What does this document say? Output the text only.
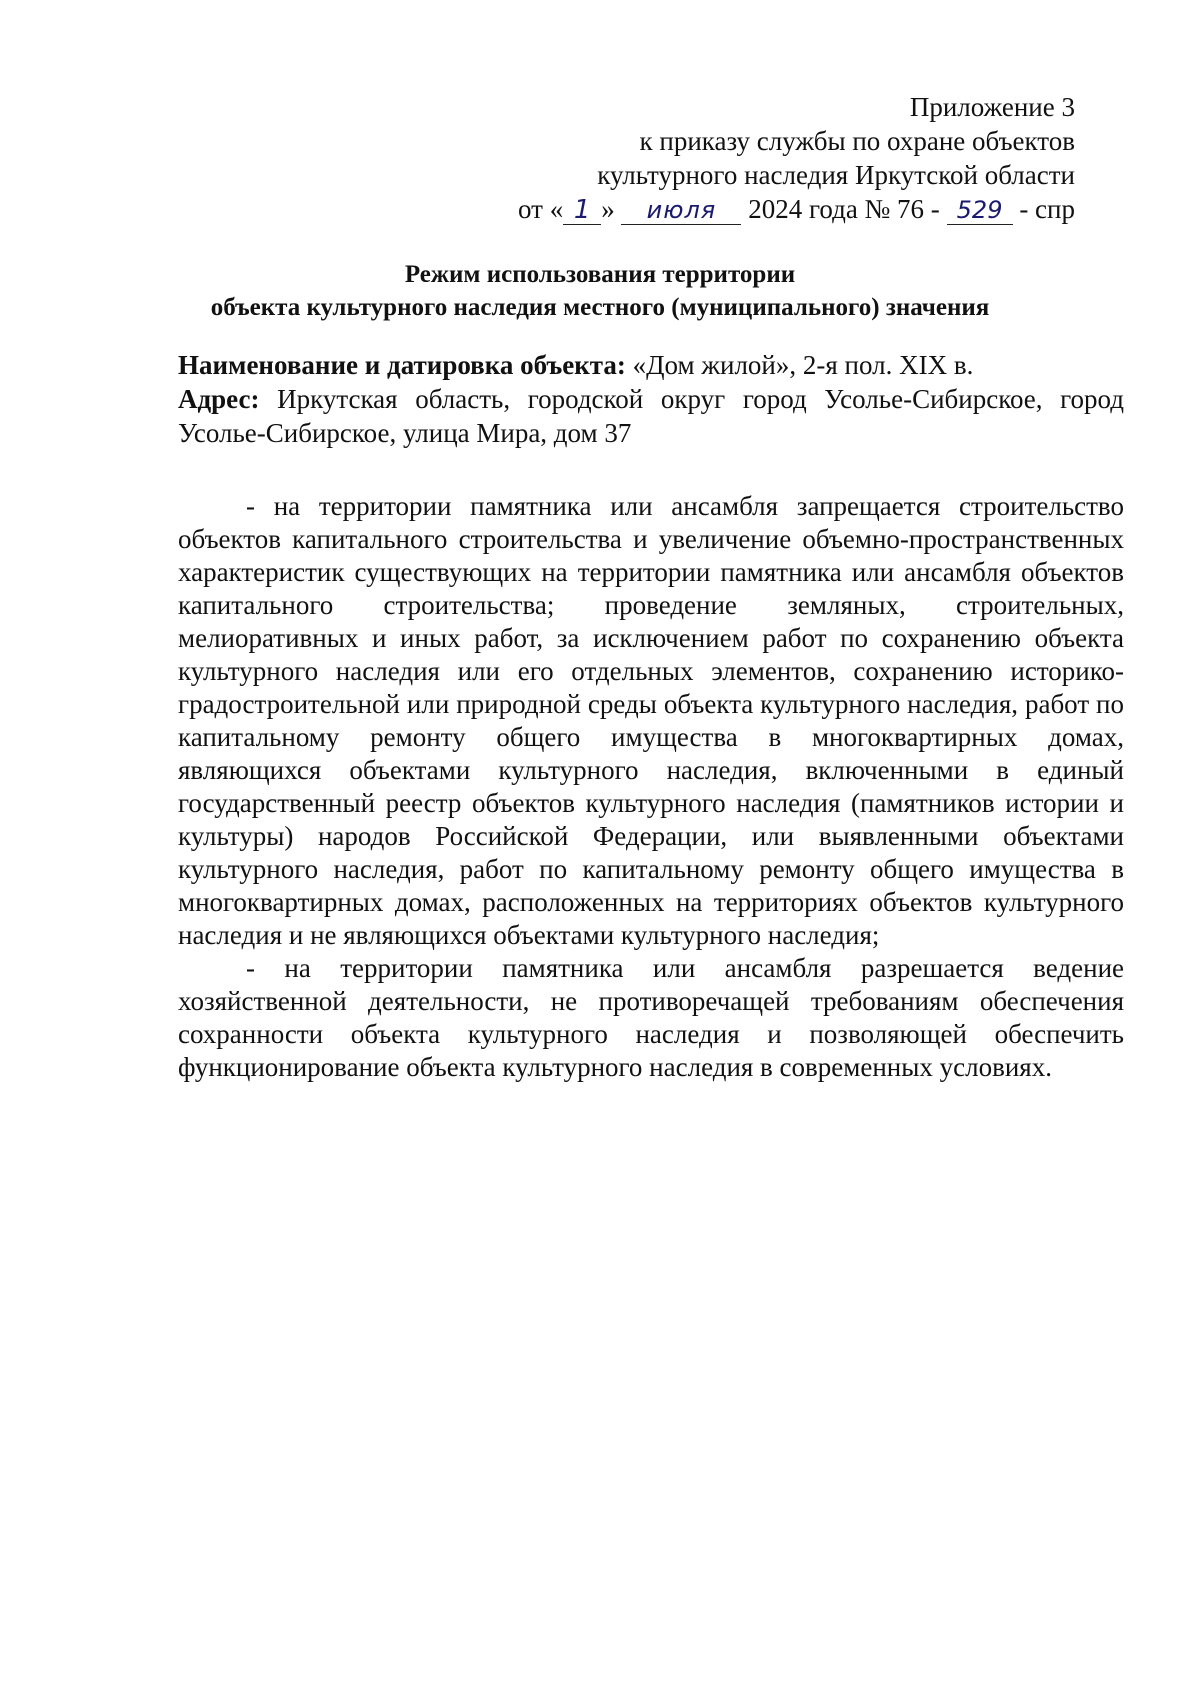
Приложение 3
к приказу службы по охране объектов
культурного наследия Иркутской области
от « 1 » июля 2024 года № 76 - 529 - спр
Режим использования территории
объекта культурного наследия местного (муниципального) значения
Наименование и датировка объекта: «Дом жилой», 2-я пол. XIX в.
Адрес: Иркутская область, городской округ город Усолье-Сибирское, город Усолье-Сибирское, улица Мира, дом 37

- на территории памятника или ансамбля запрещается строительство объектов капитального строительства и увеличение объемно-пространственных характеристик существующих на территории памятника или ансамбля объектов капитального строительства; проведение земляных, строительных, мелиоративных и иных работ, за исключением работ по сохранению объекта культурного наследия или его отдельных элементов, сохранению историко-градостроительной или природной среды объекта культурного наследия, работ по капитальному ремонту общего имущества в многоквартирных домах, являющихся объектами культурного наследия, включенными в единый государственный реестр объектов культурного наследия (памятников истории и культуры) народов Российской Федерации, или выявленными объектами культурного наследия, работ по капитальному ремонту общего имущества в многоквартирных домах, расположенных на территориях объектов культурного наследия и не являющихся объектами культурного наследия;

- на территории памятника или ансамбля разрешается ведение хозяйственной деятельности, не противоречащей требованиям обеспечения сохранности объекта культурного наследия и позволяющей обеспечить функционирование объекта культурного наследия в современных условиях.
